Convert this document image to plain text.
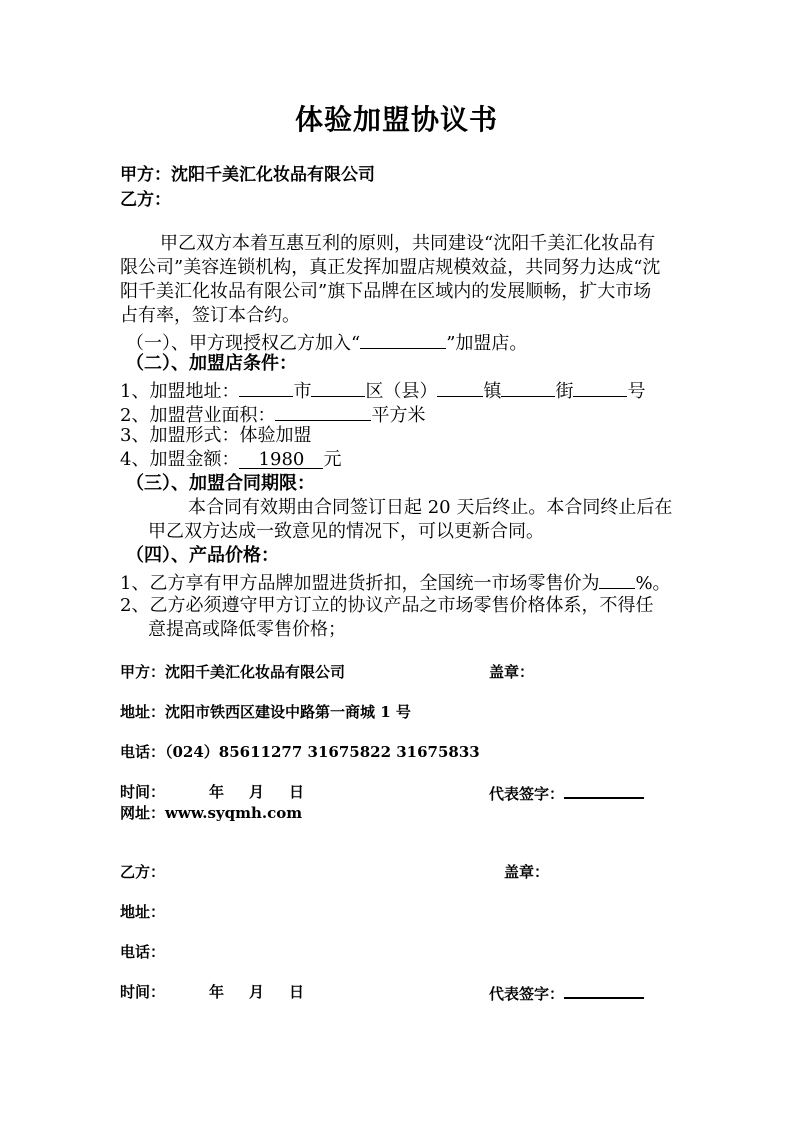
体验加盟协议书
甲方：沈阳千美汇化妆品有限公司
乙方：
甲乙双方本着互惠互利的原则，共同建设“沈阳千美汇化妆品有
限公司”美容连锁机构，真正发挥加盟店规模效益，共同努力达成“沈
阳千美汇化妆品有限公司”旗下品牌在区域内的发展顺畅，扩大市场
占有率，签订本合约。
（一）、甲方现授权乙方加入“	”加盟店。
（二）、加盟店条件：
1、加盟地址：	市	区（县）	镇	街	号
2、加盟营业面积：	平方米
3、加盟形式：体验加盟
4、加盟金额： 1980 元
（三）、加盟合同期限：
本合同有效期由合同签订日起 20 天后终止。本合同终止后在
甲乙双方达成一致意见的情况下，可以更新合同。
（四）、产品价格：
1、乙方享有甲方品牌加盟进货折扣，全国统一市场零售价为 %。
2、乙方必须遵守甲方订立的协议产品之市场零售价格体系，不得任
意提高或降低零售价格；
甲方：沈阳千美汇化妆品有限公司	盖章：
地址：沈阳市铁西区建设中路第一商城 1 号
电话：（024）85611277 31675822 31675833
时间：	年 月 日	代表签字：
网址：www.syqmh.com
乙方：	盖章：
地址：
电话：
时间：	年 月 日	代表签字：
